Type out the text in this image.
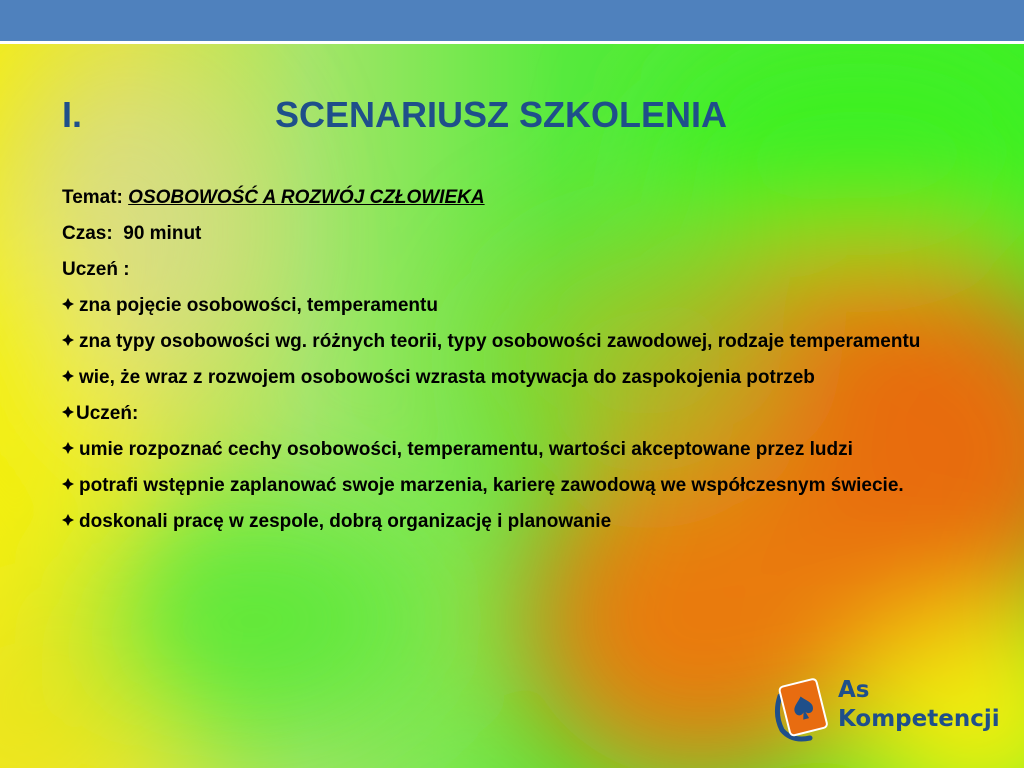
I.	SCENARIUSZ SZKOLENIA

Temat: OSOBOWOŚĆ A ROZWÓJ CZŁOWIEKA

Czas: 90 minut

Uczeń :

zna pojęcie osobowości, temperamentu

zna typy osobowości wg. różnych teorii, typy osobowości zawodowej, rodzaje temperamentu

wie, że wraz z rozwojem osobowości wzrasta motywacja do zaspokojenia potrzeb

Uczeń:

umie rozpoznać cechy osobowości, temperamentu, wartości akceptowane przez ludzi

potrafi wstępnie zaplanować swoje marzenia, karierę zawodową we współczesnym świecie.

doskonali pracę w zespole, dobrą organizację i planowanie

As
Kompetencji
